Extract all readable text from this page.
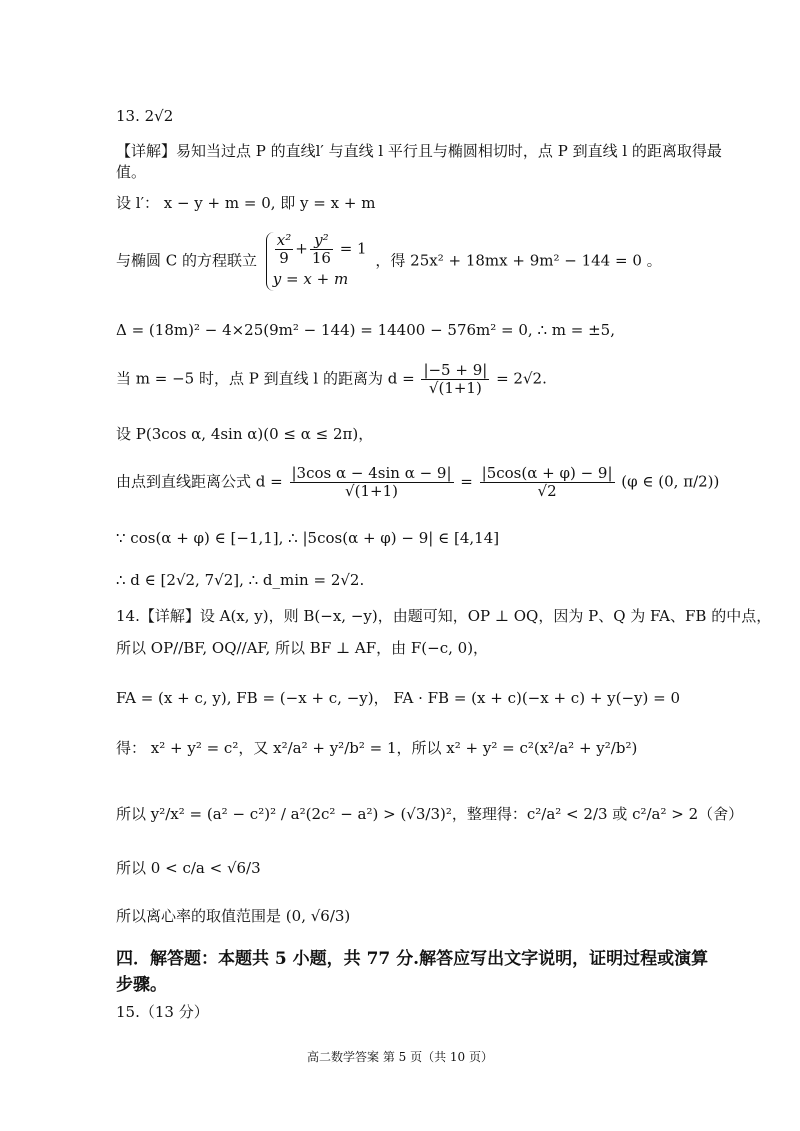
13. 2√2
【详解】易知当过点 P 的直线l′ 与直线 l 平行且与椭圆相切时，点 P 到直线 l 的距离取得最
值。
设 l′： x − y + m = 0, 即 y = x + m
与椭圆 C 的方程联立 $\frac{\text{x²}}{9} + \frac{\text{y²}}{16} = 1$
y = x + m
，得 25x² + 18mx + 9m² − 144 = 0 。
Δ = (18m)² − 4×25(9m² − 144) = 14400 − 576m² = 0, ∴ m = ±5,
当 m = −5 时，点 P 到直线 l 的距离为 $d = \frac{|-5 + 9|}{√(1+1)} = 2√2$.
设 P(3cos α, 4sin α)(0 ≤ α ≤ 2π)，
由点到直线距离公式 $d = \frac{\text{|3cos α − 4sin α − 9|}}{√(1+1)} = \frac{|5\cos(\alpha + \varphi) - 9|}{√2} (\varphi$ ∈ (0, π/2))
∵ cos(α + φ) ∈ [−1,1], ∴ |5cos(α + φ) − 9| ∈ [4,14]
∴ d ∈ [2√2, 7√2], ∴ d_min = 2√2.
14.【详解】设 A(x, y)，则 B(−x, −y)，由题可知，OP ⊥ OQ，因为 P、Q 为 FA、FB 的中点，
所以 OP//BF, OQ//AF, 所以 BF ⊥ AF，由 F(−c, 0)，
FA = (x + c, y), FB = (−x + c, −y)， FA · FB = (x + c)(−x + c) + y(−y) = 0
得： x² + y² = c²，又 x²/a² + y²/b² = 1，所以 x² + y² = c²(x²/a² + y²/b²)
所以 y²/x² = (a² − c²)² / a²(2c² − a²) > (√3/3)²，整理得：c²/a² < 2/3 或 c²/a² > 2（舍）
所以 0 < c/a < √6/3
所以离心率的取值范围是 (0, √6/3)
四．解答题：本题共 5 小题，共 77 分.解答应写出文字说明，证明过程或演算
步骤。
15.（13 分）
高二数学答案 第 5 页（共 10 页）
